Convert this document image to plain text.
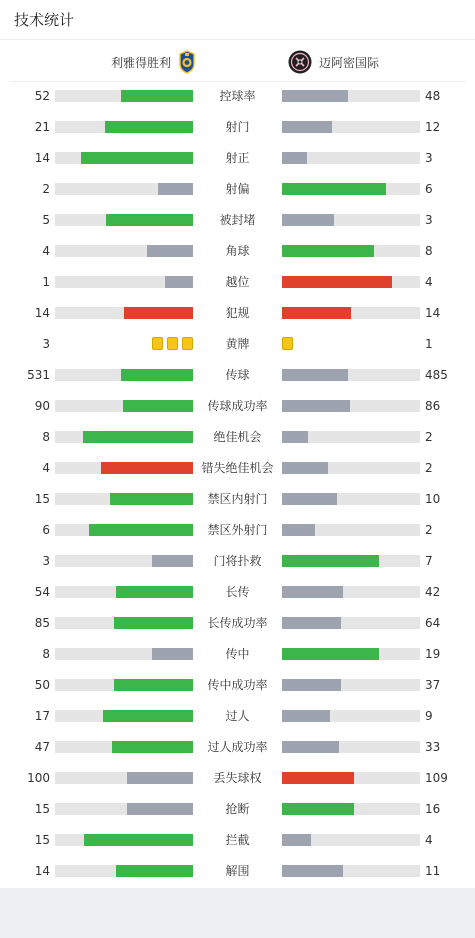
技术统计
利雅得胜利	迈阿密国际
52	控球率	48
21	射门	12
14	射正	3
2	射偏	6
5	被封堵	3
4	角球	8
1	越位	4
14	犯规	14
3	黄牌	1
531	传球	485
90	传球成功率	86
8	绝佳机会	2
4	错失绝佳机会	2
15	禁区内射门	10
6	禁区外射门	2
3	门将扑救	7
54	长传	42
85	长传成功率	64
8	传中	19
50	传中成功率	37
17	过人	9
47	过人成功率	33
100	丢失球权	109
15	抢断	16
15	拦截	4
14	解围	11
